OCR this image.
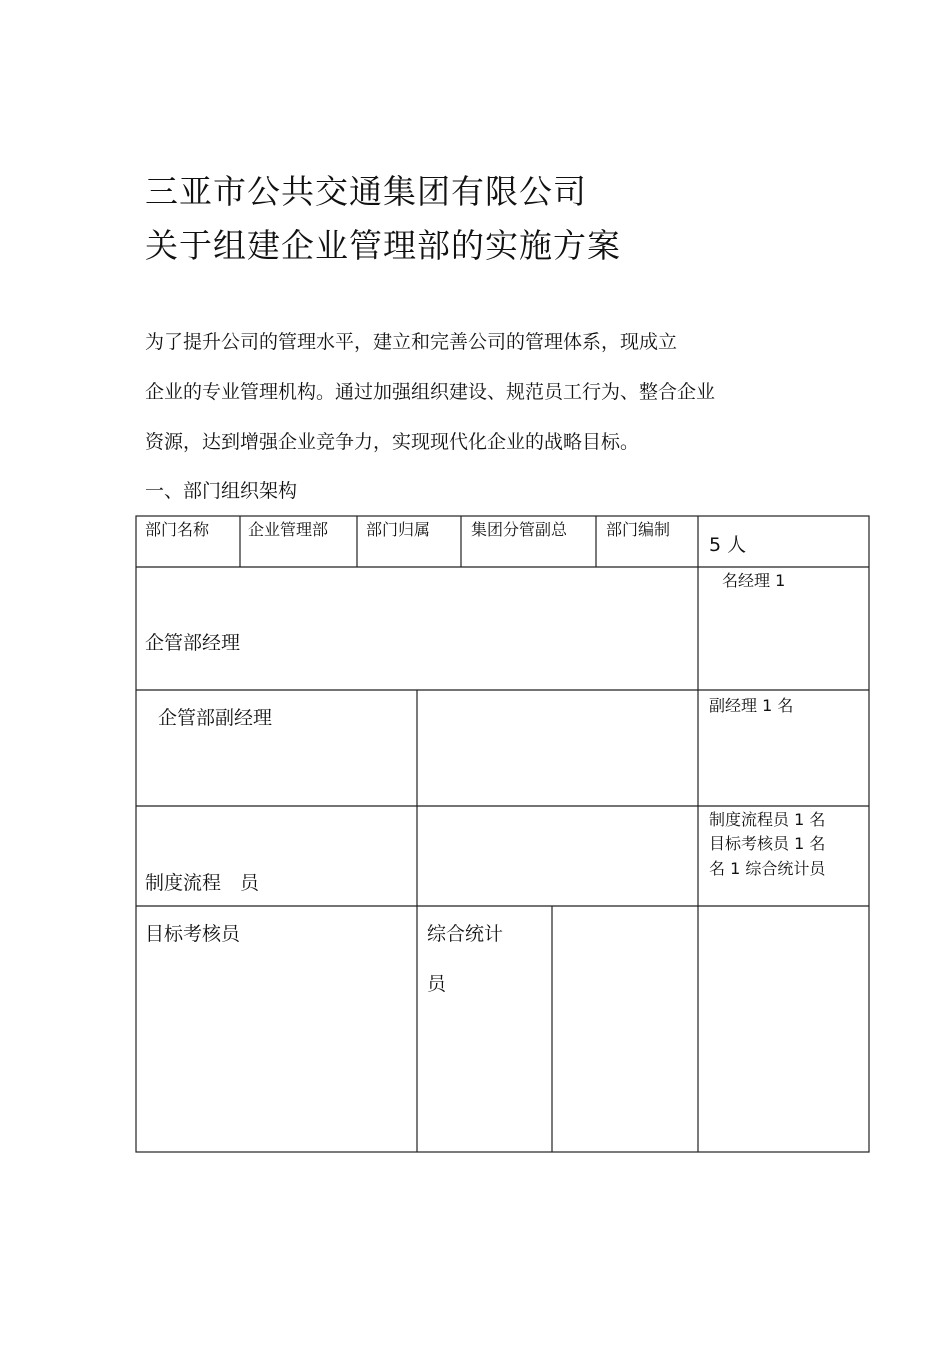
三亚市公共交通集团有限公司
关于组建企业管理部的实施方案
为了提升公司的管理水平，建立和完善公司的管理体系，现成立
企业的专业管理机构。通过加强组织建设、规范员工行为、整合企业
资源，达到增强企业竞争力，实现现代化企业的战略目标。
一、部门组织架构
部门名称 企业管理部 部门归属	集团分管副总 部门编制
5 人
企管部经理
名经理 1
企管部副经理
副经理 1 名
制度流程　员
制度流程员 1 名
目标考核员 1 名
名 1 综合统计员
目标考核员	综合统计
员
